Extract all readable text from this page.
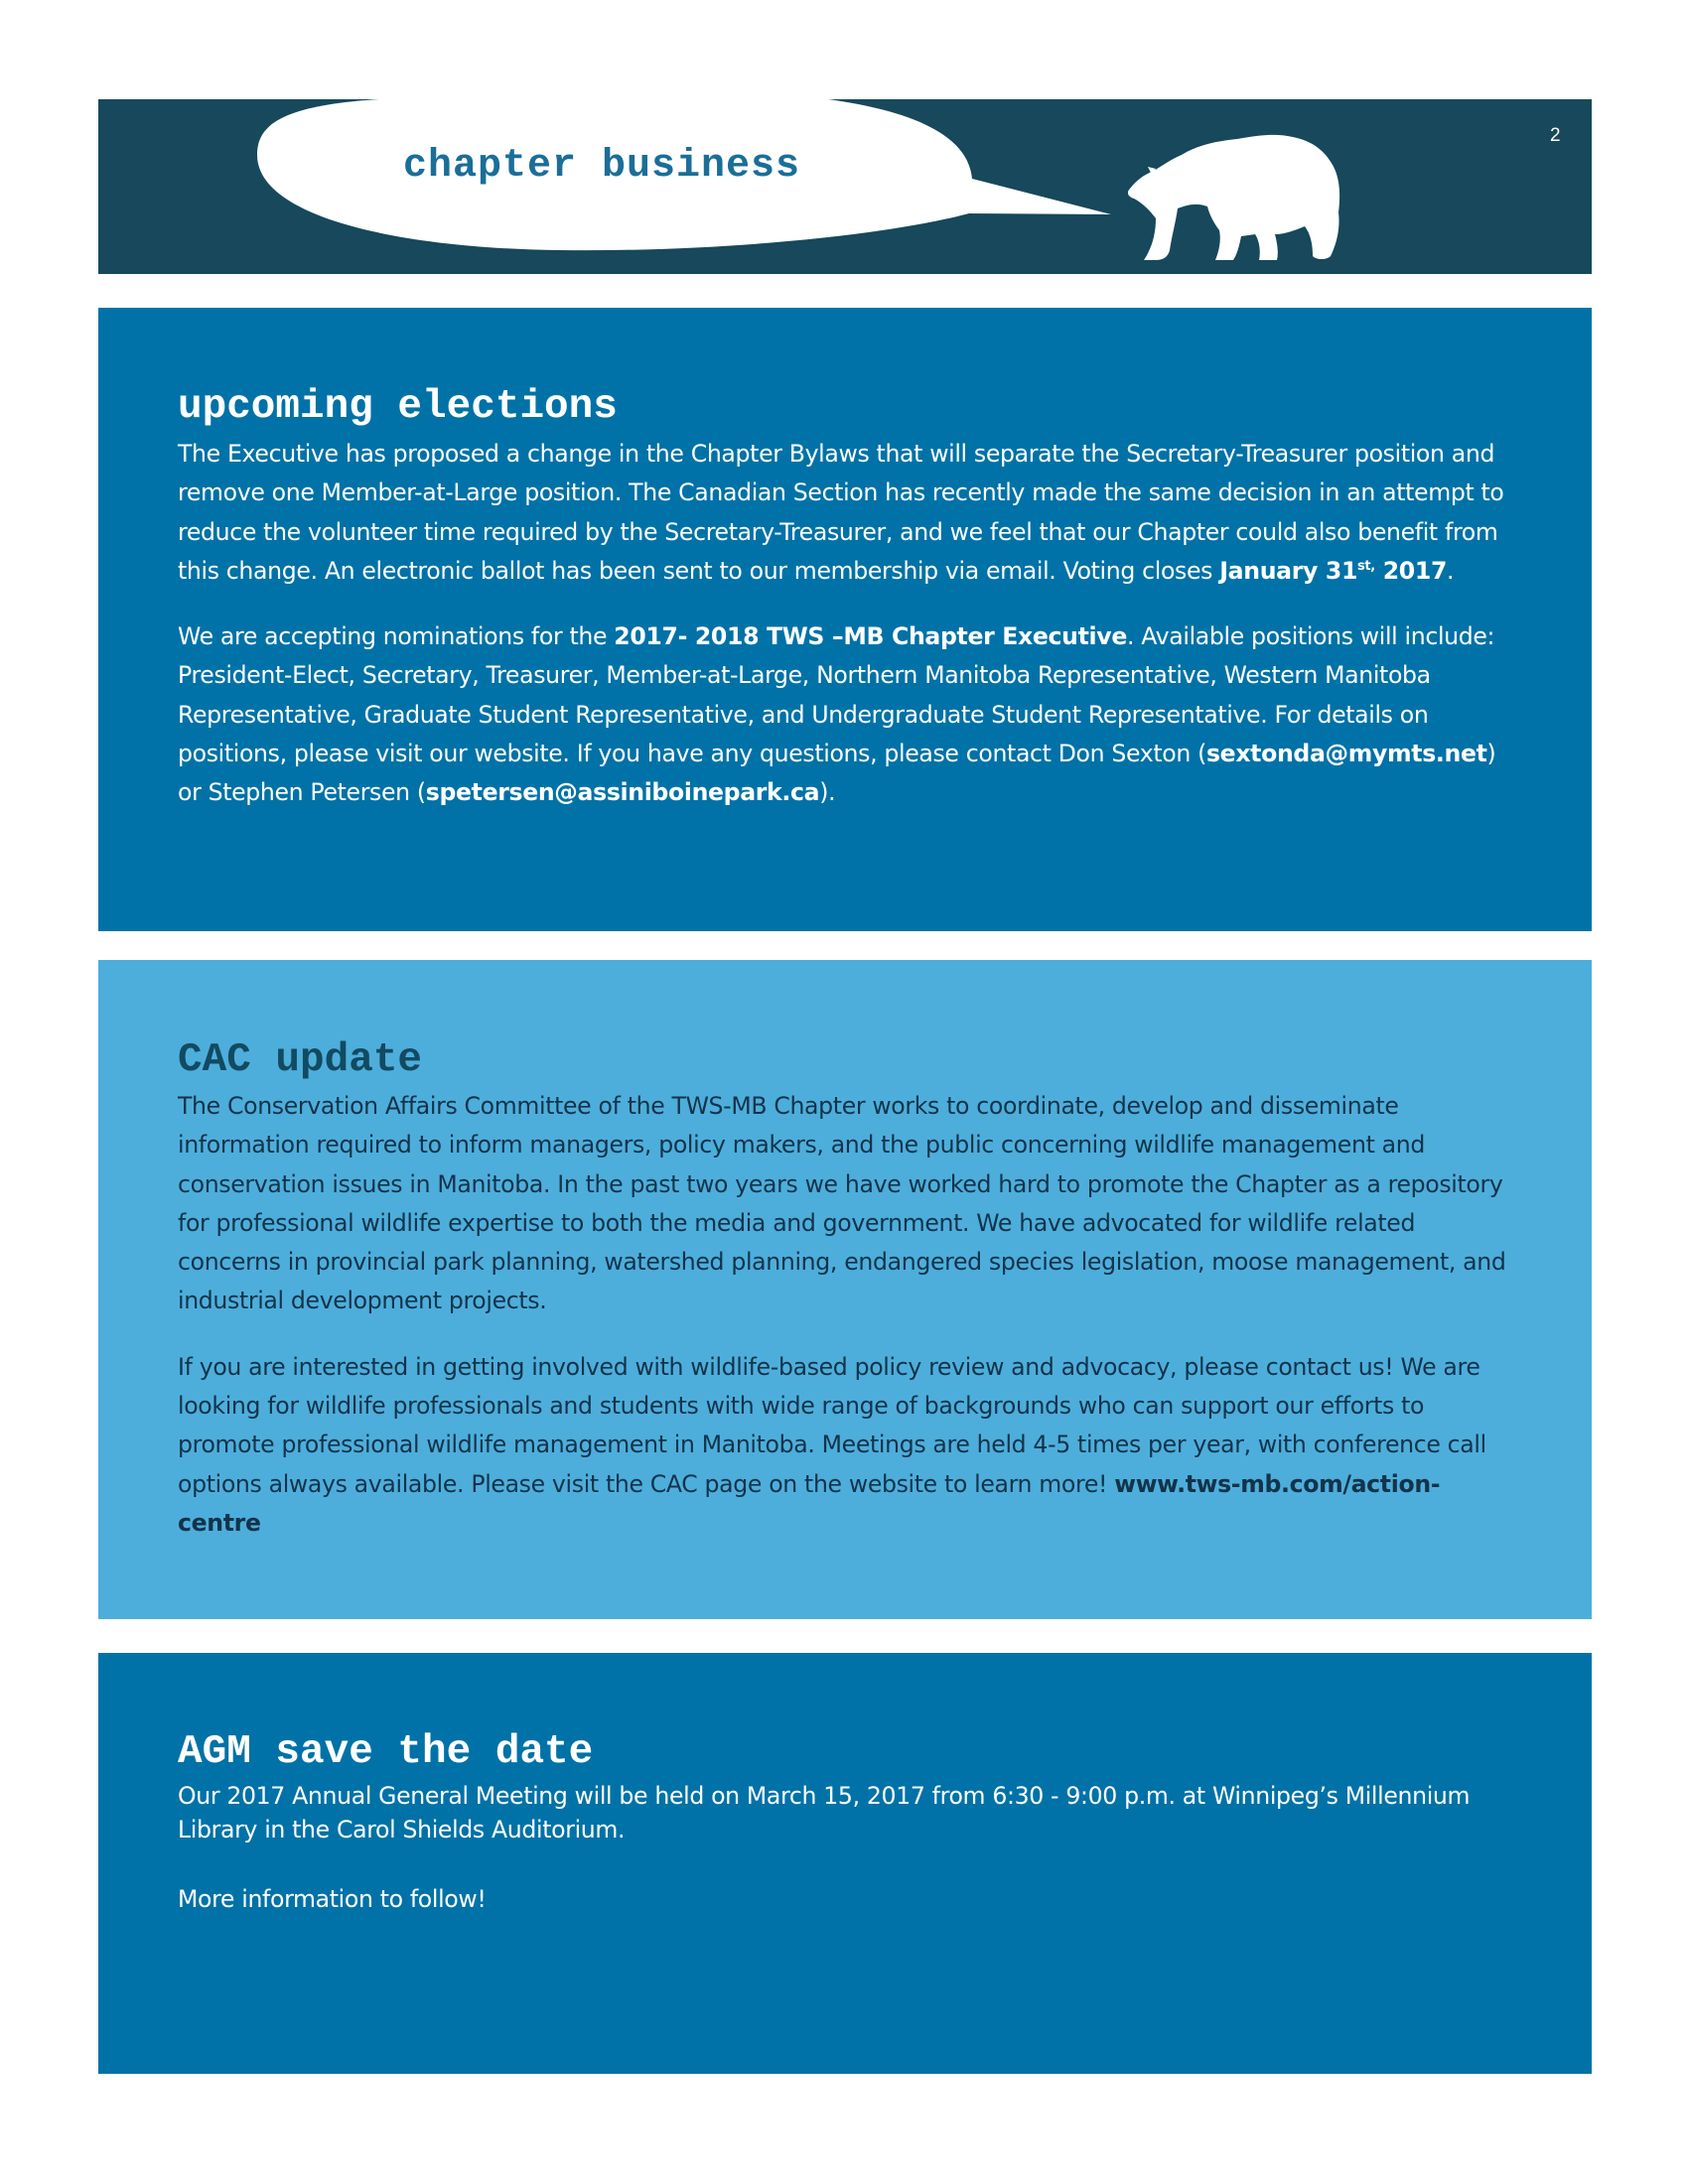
chapter business
2
upcoming elections

The Executive has proposed a change in the Chapter Bylaws that will separate the Secretary-Treasurer position and remove one Member-at-Large position. The Canadian Section has recently made the same decision in an attempt to reduce the volunteer time required by the Secretary-Treasurer, and we feel that our Chapter could also benefit from this change. An electronic ballot has been sent to our membership via email. Voting closes January $31^{st,}$ 2017.

We are accepting nominations for the 2017- 2018 TWS –MB Chapter Executive. Available positions will include: President-Elect, Secretary, Treasurer, Member-at-Large, Northern Manitoba Representative, Western Manitoba Representative, Graduate Student Representative, and Undergraduate Student Representative. For details on positions, please visit our website. If you have any questions, please contact Don Sexton (sextonda@mymts.net) or Stephen Petersen (spetersen@assiniboinepark.ca).

CAC update

The Conservation Affairs Committee of the TWS-MB Chapter works to coordinate, develop and disseminate information required to inform managers, policy makers, and the public concerning wildlife management and conservation issues in Manitoba. In the past two years we have worked hard to promote the Chapter as a repository for professional wildlife expertise to both the media and government. We have advocated for wildlife related concerns in provincial park planning, watershed planning, endangered species legislation, moose management, and industrial development projects.

If you are interested in getting involved with wildlife-based policy review and advocacy, please contact us! We are looking for wildlife professionals and students with wide range of backgrounds who can support our efforts to promote professional wildlife management in Manitoba. Meetings are held 4-5 times per year, with conference call options always available. Please visit the CAC page on the website to learn more! www.tws-mb.com/action-centre

AGM save the date

Our 2017 Annual General Meeting will be held on March 15, 2017 from 6:30 - 9:00 p.m. at Winnipeg’s Millennium Library in the Carol Shields Auditorium.

More information to follow!
